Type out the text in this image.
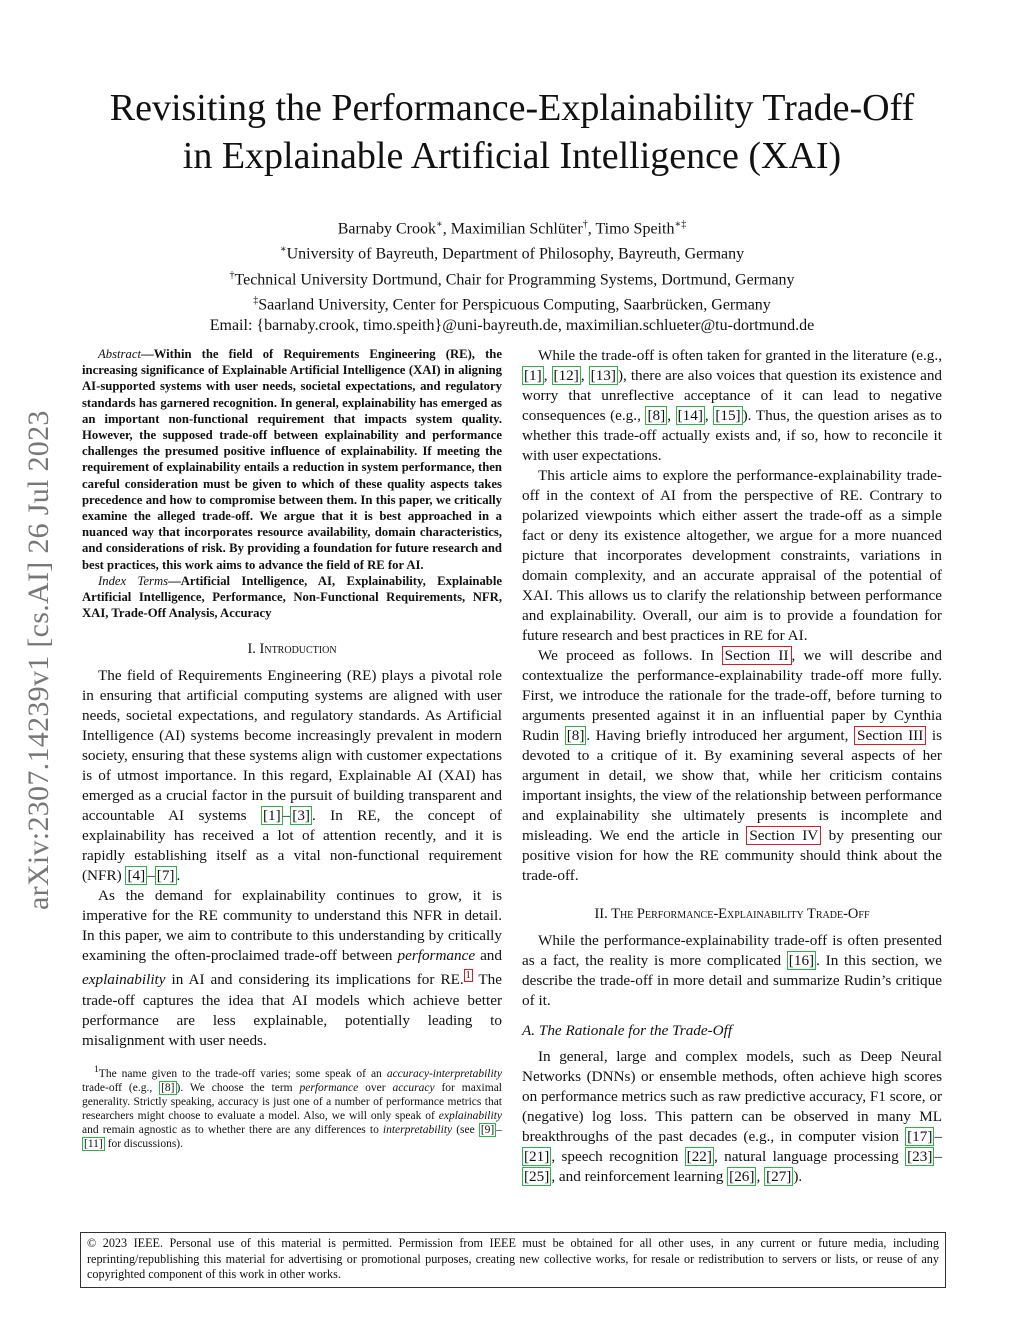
arXiv:2307.14239v1 [cs.AI] 26 Jul 2023
Revisiting the Performance-Explainability Trade-Off
in Explainable Artificial Intelligence (XAI)
Barnaby Crook∗, Maximilian Schlüter†, Timo Speith∗‡
∗University of Bayreuth, Department of Philosophy, Bayreuth, Germany
†Technical University Dortmund, Chair for Programming Systems, Dortmund, Germany
‡Saarland University, Center for Perspicuous Computing, Saarbrücken, Germany
Email: {barnaby.crook, timo.speith}@uni-bayreuth.de, maximilian.schlueter@tu-dortmund.de

Abstract—Within the field of Requirements Engineering (RE), the increasing significance of Explainable Artificial Intelligence (XAI) in aligning AI-supported systems with user needs, societal expectations, and regulatory standards has garnered recognition. In general, explainability has emerged as an important non-functional requirement that impacts system quality. However, the supposed trade-off between explainability and performance challenges the presumed positive influence of explainability. If meeting the requirement of explainability entails a reduction in system performance, then careful consideration must be given to which of these quality aspects takes precedence and how to compromise between them. In this paper, we critically examine the alleged trade-off. We argue that it is best approached in a nuanced way that incorporates resource availability, domain characteristics, and considerations of risk. By providing a foundation for future research and best practices, this work aims to advance the field of RE for AI.

Index Terms—Artificial Intelligence, AI, Explainability, Explainable Artificial Intelligence, Performance, Non-Functional Requirements, NFR, XAI, Trade-Off Analysis, Accuracy

I. Introduction

The field of Requirements Engineering (RE) plays a pivotal role in ensuring that artificial computing systems are aligned with user needs, societal expectations, and regulatory standards. As Artificial Intelligence (AI) systems become increasingly prevalent in modern society, ensuring that these systems align with customer expectations is of utmost importance. In this regard, Explainable AI (XAI) has emerged as a crucial factor in the pursuit of building transparent and accountable AI systems [1] – [3] . In RE, the concept of explainability has received a lot of attention recently, and it is rapidly establishing itself as a vital non-functional requirement (NFR) [4] – [7] .

As the demand for explainability continues to grow, it is imperative for the RE community to understand this NFR in detail. In this paper, we aim to contribute to this understanding by critically examining the often-proclaimed trade-off between performance and explainability in AI and considering its implications for RE. $^1$ The trade-off captures the idea that AI models which achieve better performance are less explainable, potentially leading to misalignment with user needs.

$^1$The name given to the trade-off varies; some speak of an accuracy-interpretability trade-off (e.g., [8] ). We choose the term performance over accuracy for maximal generality. Strictly speaking, accuracy is just one of a number of performance metrics that researchers might choose to evaluate a model. Also, we will only speak of explainability and remain agnostic as to whether there are any differences to interpretability (see [9] –[11] for discussions).

While the trade-off is often taken for granted in the literature (e.g., [1] , [12] , [13] ), there are also voices that question its existence and worry that unreflective acceptance of it can lead to negative consequences (e.g., [8] , [14] , [15] ). Thus, the question arises as to whether this trade-off actually exists and, if so, how to reconcile it with user expectations.

This article aims to explore the performance-explainability trade-off in the context of AI from the perspective of RE. Contrary to polarized viewpoints which either assert the trade-off as a simple fact or deny its existence altogether, we argue for a more nuanced picture that incorporates development constraints, variations in domain complexity, and an accurate appraisal of the potential of XAI. This allows us to clarify the relationship between performance and explainability. Overall, our aim is to provide a foundation for future research and best practices in RE for AI.

We proceed as follows. In Section II , we will describe and contextualize the performance-explainability trade-off more fully. First, we introduce the rationale for the trade-off, before turning to arguments presented against it in an influential paper by Cynthia Rudin [8] . Having briefly introduced her argument, Section III is devoted to a critique of it. By examining several aspects of her argument in detail, we show that, while her criticism contains important insights, the view of the relationship between performance and explainability she ultimately presents is incomplete and misleading. We end the article in Section IV by presenting our positive vision for how the RE community should think about the trade-off.

II. The Performance-Explainability Trade-Off

While the performance-explainability trade-off is often presented as a fact, the reality is more complicated [16] . In this section, we describe the trade-off in more detail and summarize Rudin’s critique of it.

A. The Rationale for the Trade-Off

In general, large and complex models, such as Deep Neural Networks (DNNs) or ensemble methods, often achieve high scores on performance metrics such as raw predictive accuracy, F1 score, or (negative) log loss. This pattern can be observed in many ML breakthroughs of the past decades (e.g., in computer vision [17] –[21] , speech recognition [22] , natural language processing [23] –[25] , and reinforcement learning [26] , [27] ).

© 2023 IEEE. Personal use of this material is permitted. Permission from IEEE must be obtained for all other uses, in any current or future media, including reprinting/republishing this material for advertising or promotional purposes, creating new collective works, for resale or redistribution to servers or lists, or reuse of any copyrighted component of this work in other works.
